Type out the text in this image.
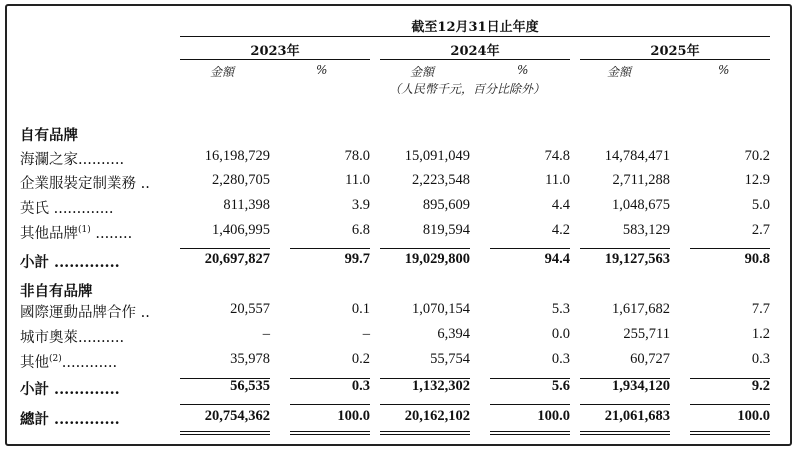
截至12月31日止年度
2023年	2024年	2025年
金額	%	金額	%	金額	%
（人民幣千元，百分比除外）
自有品牌
海瀾之家..........	16,198,729	78.0	15,091,049	74.8	14,784,471	70.2
企業服裝定制業務 ..	2,280,705	11.0	2,223,548	11.0	2,711,288	12.9
英氏 .............	811,398	3.9	895,609	4.4	1,048,675	5.0
其他品牌$^{(1)}$ ........	1,406,995	6.8	819,594	4.2	583,129	2.7
小計 .............	20,697,827	99.7	19,029,800	94.4	19,127,563	90.8
國際運動品牌合作 ..	20,557	0.1	1,070,154	5.3	1,617,682	7.7
城市奧萊..........	–	–	6,394	0.0	255,711	1.2
其他$^{(2)}$............	35,978	0.2	55,754	0.3	60,727	0.3
小計 .............	56,535	0.3	1,132,302	5.6	1,934,120	9.2
總計 .............	20,754,362	100.0	20,162,102	100.0	21,061,683	100.0
非自有品牌
